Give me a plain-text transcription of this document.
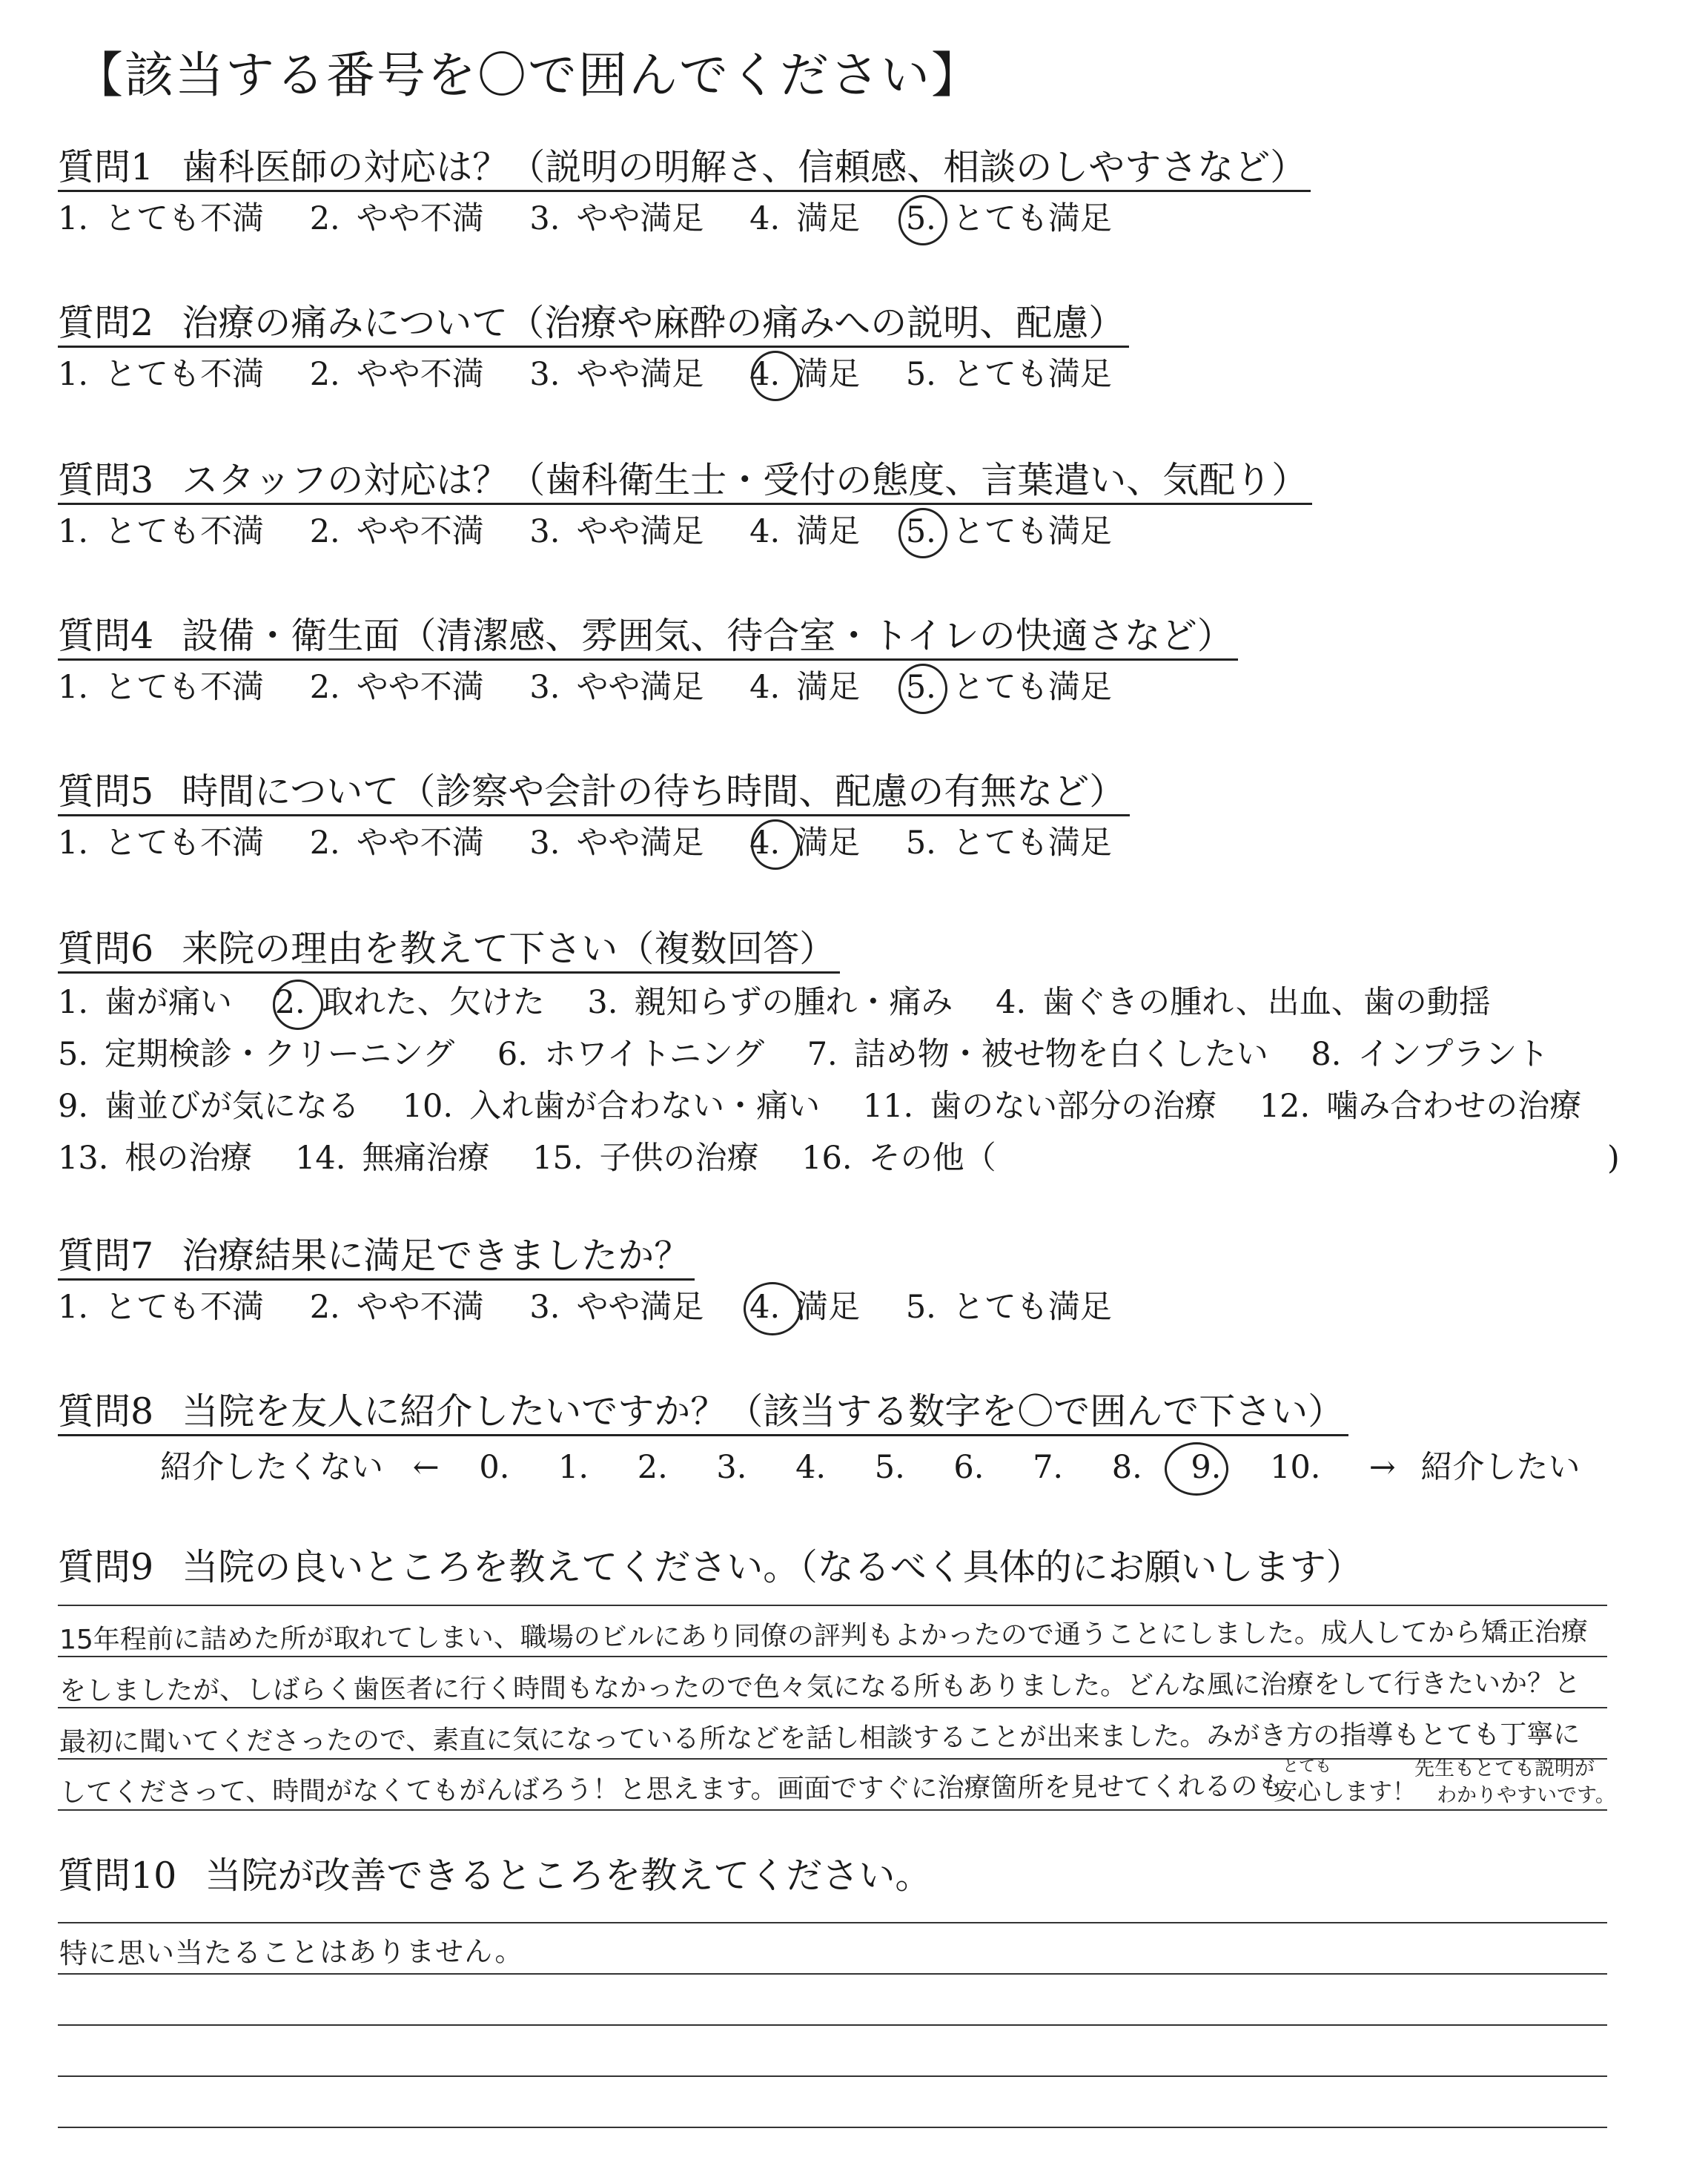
【該当する番号を〇で囲んでください】
質問1 歯科医師の対応は？（説明の明解さ、信頼感、相談のしやすさなど）
1. とても不満 2. やや不満 3. やや満足 4. 満足 5. とても満足
質問2 治療の痛みについて（治療や麻酔の痛みへの説明、配慮）
1. とても不満 2. やや不満 3. やや満足 4. 満足 5. とても満足
質問3 スタッフの対応は？（歯科衛生士・受付の態度、言葉遣い、気配り）
1. とても不満 2. やや不満 3. やや満足 4. 満足 5. とても満足
質問4 設備・衛生面（清潔感、雰囲気、待合室・トイレの快適さなど）
1. とても不満 2. やや不満 3. やや満足 4. 満足 5. とても満足
質問5 時間について（診察や会計の待ち時間、配慮の有無など）
1. とても不満 2. やや不満 3. やや満足 4. 満足 5. とても満足
質問6 来院の理由を教えて下さい（複数回答）
1. 歯が痛い 2. 取れた、欠けた 3. 親知らずの腫れ・痛み 4. 歯ぐきの腫れ、出血、歯の動揺
5. 定期検診・クリーニング 6. ホワイトニング 7. 詰め物・被せ物を白くしたい 8. インプラント
9. 歯並びが気になる 10. 入れ歯が合わない・痛い 11. 歯のない部分の治療 12. 噛み合わせの治療
13. 根の治療 14. 無痛治療 15. 子供の治療 16. その他（	)
質問7 治療結果に満足できましたか？
1. とても不満 2. やや不満 3. やや満足 4. 満足 5. とても満足
質問8 当院を友人に紹介したいですか？（該当する数字を〇で囲んで下さい）
紹介したくない ← 0. 1. 2. 3. 4. 5. 6. 7. 8. 9. 10. → 紹介したい
質問9 当院の良いところを教えてください。（なるべく具体的にお願いします）
15年程前に詰めた所が取れてしまい、職場のビルにあり同僚の評判もよかったので通うことにしました。成人してから矯正治療
をしましたが、しばらく歯医者に行く時間もなかったので色々気になる所もありました。どんな風に治療をして行きたいか？と
最初に聞いてくださったので、素直に気になっている所などを話し相談することが出来ました。みがき方の指導もとても丁寧に
してくださって、時間がなくてもがんばろう！と思えます。画面ですぐに治療箇所を見せてくれるのも
とても
安心します！
先生もとても説明が
わかりやすいです。
質問10 当院が改善できるところを教えてください。
特に思い当たることはありません。
